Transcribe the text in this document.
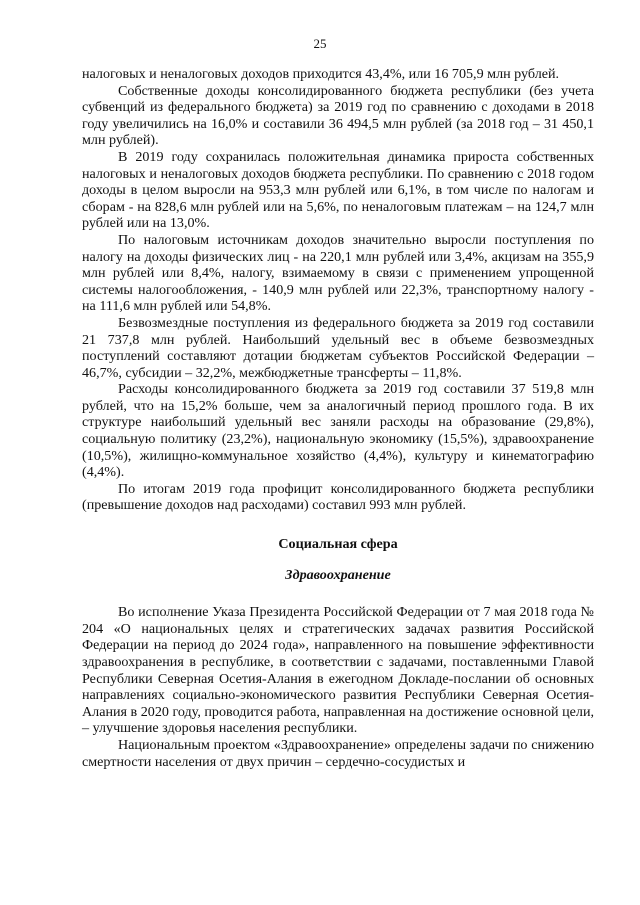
25

налоговых и неналоговых доходов приходится 43,4%, или 16 705,9 млн рублей.

Собственные доходы консолидированного бюджета республики (без учета субвенций из федерального бюджета) за 2019 год по сравнению с доходами в 2018 году увеличились на 16,0% и составили 36 494,5 млн рублей (за 2018 год – 31 450,1 млн рублей).

В 2019 году сохранилась положительная динамика прироста собственных налоговых и неналоговых доходов бюджета республики. По сравнению с 2018 годом доходы в целом выросли на 953,3 млн рублей или 6,1%, в том числе по налогам и сборам - на 828,6 млн рублей или на 5,6%, по неналоговым платежам – на 124,7 млн рублей или на 13,0%.

По налоговым источникам доходов значительно выросли поступления по налогу на доходы физических лиц - на 220,1 млн рублей или 3,4%, акцизам на 355,9 млн рублей или 8,4%, налогу, взимаемому в связи с применением упрощенной системы налогообложения, - 140,9 млн рублей или 22,3%, транспортному налогу - на 111,6 млн рублей или 54,8%.

Безвозмездные поступления из федерального бюджета за 2019 год составили 21 737,8 млн рублей. Наибольший удельный вес в объеме безвозмездных поступлений составляют дотации бюджетам субъектов Российской Федерации – 46,7%, субсидии – 32,2%, межбюджетные трансферты – 11,8%.

Расходы консолидированного бюджета за 2019 год составили 37 519,8 млн рублей, что на 15,2% больше, чем за аналогичный период прошлого года. В их структуре наибольший удельный вес заняли расходы на образование (29,8%), социальную политику (23,2%), национальную экономику (15,5%), здравоохранение (10,5%), жилищно-коммунальное хозяйство (4,4%), культуру и кинематографию (4,4%).

По итогам 2019 года профицит консолидированного бюджета республики (превышение доходов над расходами) составил 993 млн рублей.

Социальная сфера
Здравоохранение

Во исполнение Указа Президента Российской Федерации от 7 мая 2018 года № 204 «О национальных целях и стратегических задачах развития Российской Федерации на период до 2024 года», направленного на повышение эффективности здравоохранения в республике, в соответствии с задачами, поставленными Главой Республики Северная Осетия-Алания в ежегодном Докладе-послании об основных направлениях социально-экономического развития Республики Северная Осетия-Алания в 2020 году, проводится работа, направленная на достижение основной цели, – улучшение здоровья населения республики.

Национальным проектом «Здравоохранение» определены задачи по снижению смертности населения от двух причин – сердечно-сосудистых и
